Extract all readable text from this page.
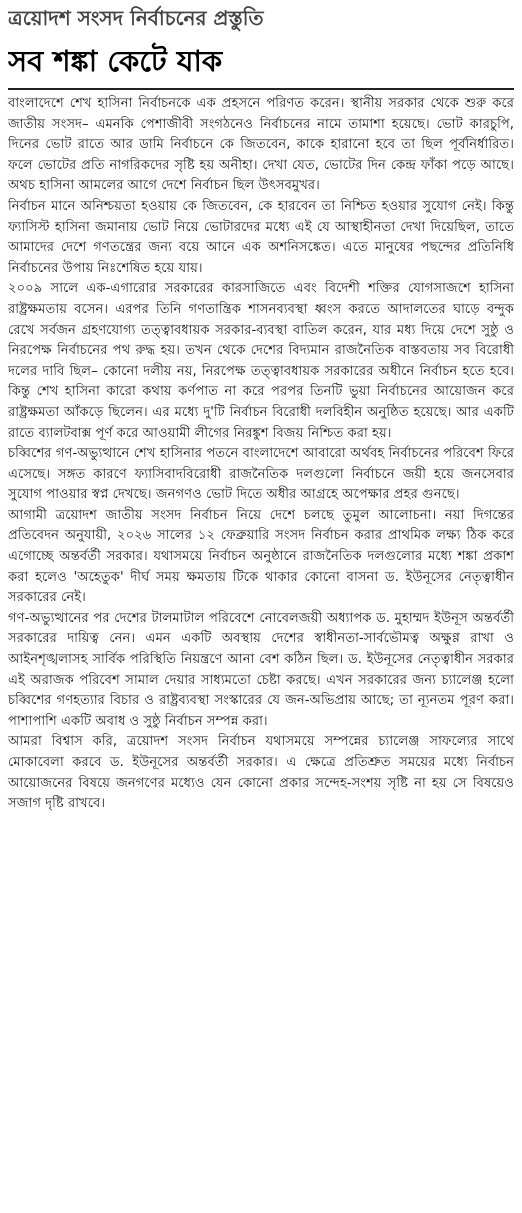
ত্রয়োদশ সংসদ নির্বাচনের প্রস্তুতি
সব শঙ্কা কেটে যাক

বাংলাদেশে শেখ হাসিনা নির্বাচনকে এক প্রহসনে পরিণত করেন। স্থানীয় সরকার থেকে শুরু করে জাতীয় সংসদ– এমনকি পেশাজীবী সংগঠনেও নির্বাচনের নামে তামাশা হয়েছে। ভোট কারচুপি, দিনের ভোট রাতে আর ডামি নির্বাচনে কে জিতবেন, কাকে হারানো হবে তা ছিল পূর্বনির্ধারিত। ফলে ভোটের প্রতি নাগরিকদের সৃষ্টি হয় অনীহা। দেখা যেত, ভোটের দিন কেন্দ্র ফাঁকা পড়ে আছে। অথচ হাসিনা আমলের আগে দেশে নির্বাচন ছিল উৎসবমুখর।

নির্বাচন মানে অনিশ্চয়তা হওয়ায় কে জিতবেন, কে হারবেন তা নিশ্চিত হওয়ার সুযোগ নেই। কিন্তু ফ্যাসিস্ট হাসিনা জমানায় ভোট নিয়ে ভোটারদের মধ্যে এই যে আস্থাহীনতা দেখা দিয়েছিল, তাতে আমাদের দেশে গণতন্ত্রের জন্য বয়ে আনে এক অশনিসঙ্কেত। এতে মানুষের পছন্দের প্রতিনিধি নির্বাচনের উপায় নিঃশেষিত হয়ে যায়।

২০০৯ সালে এক-এগারোর সরকারের কারসাজিতে এবং বিদেশী শক্তির যোগসাজশে হাসিনা রাষ্ট্রক্ষমতায় বসেন। এরপর তিনি গণতান্ত্রিক শাসনব্যবস্থা ধ্বংস করতে আদালতের ঘাড়ে বন্দুক রেখে সর্বজন গ্রহণযোগ্য তত্ত্বাবধায়ক সরকার-ব্যবস্থা বাতিল করেন, যার মধ্য দিয়ে দেশে সুষ্ঠু ও নিরপেক্ষ নির্বাচনের পথ রুদ্ধ হয়। তখন থেকে দেশের বিদ্যমান রাজনৈতিক বাস্তবতায় সব বিরোধী দলের দাবি ছিল– কোনো দলীয় নয়, নিরপেক্ষ তত্ত্বাবধায়ক সরকারের অধীনে নির্বাচন হতে হবে। কিন্তু শেখ হাসিনা কারো কথায় কর্ণপাত না করে পরপর তিনটি ভুয়া নির্বাচনের আয়োজন করে রাষ্ট্রক্ষমতা আঁকড়ে ছিলেন। এর মধ্যে দু'টি নির্বাচন বিরোধী দলবিহীন অনুষ্ঠিত হয়েছে। আর একটি রাতে ব্যালটবাক্স পূর্ণ করে আওয়ামী লীগের নিরঙ্কুশ বিজয় নিশ্চিত করা হয়।

চব্বিশের গণ-অভ্যুত্থানে শেখ হাসিনার পতনে বাংলাদেশে আবারো অর্থবহ নির্বাচনের পরিবেশ ফিরে এসেছে। সঙ্গত কারণে ফ্যাসিবাদবিরোধী রাজনৈতিক দলগুলো নির্বাচনে জয়ী হয়ে জনসেবার সুযোগ পাওয়ার স্বপ্ন দেখছে। জনগণও ভোট দিতে অধীর আগ্রহে অপেক্ষার প্রহর গুনছে।

আগামী ত্রয়োদশ জাতীয় সংসদ নির্বাচন নিয়ে দেশে চলছে তুমুল আলোচনা। নয়া দিগন্তের প্রতিবেদন অনুযায়ী, ২০২৬ সালের ১২ ফেব্রুয়ারি সংসদ নির্বাচন করার প্রাথমিক লক্ষ্য ঠিক করে এগোচ্ছে অন্তর্বর্তী সরকার। যথাসময়ে নির্বাচন অনুষ্ঠানে রাজনৈতিক দলগুলোর মধ্যে শঙ্কা প্রকাশ করা হলেও 'অহেতুক' দীর্ঘ সময় ক্ষমতায় টিকে থাকার কোনো বাসনা ড. ইউনূসের নেতৃত্বাধীন সরকারের নেই।

গণ-অভ্যুত্থানের পর দেশের টালমাটাল পরিবেশে নোবেলজয়ী অধ্যাপক ড. মুহাম্মদ ইউনূস অন্তর্বর্তী সরকারের দায়িত্ব নেন। এমন একটি অবস্থায় দেশের স্বাধীনতা-সার্বভৌমত্ব অক্ষুণ্ণ রাখা ও আইনশৃঙ্খলাসহ সার্বিক পরিস্থিতি নিয়ন্ত্রণে আনা বেশ কঠিন ছিল। ড. ইউনূসের নেতৃত্বাধীন সরকার এই অরাজক পরিবেশ সামাল দেয়ার সাধ্যমতো চেষ্টা করছে। এখন সরকারের জন্য চ্যালেঞ্জ হলো চব্বিশের গণহত্যার বিচার ও রাষ্ট্রব্যবস্থা সংস্কারের যে জন-অভিপ্রায় আছে; তা ন্যূনতম পূরণ করা। পাশাপাশি একটি অবাধ ও সুষ্ঠু নির্বাচন সম্পন্ন করা।

আমরা বিশ্বাস করি, ত্রয়োদশ সংসদ নির্বাচন যথাসময়ে সম্পন্নের চ্যালেঞ্জ সাফল্যের সাথে মোকাবেলা করবে ড. ইউনূসের অন্তর্বর্তী সরকার। এ ক্ষেত্রে প্রতিশ্রুত সময়ের মধ্যে নির্বাচন আয়োজনের বিষয়ে জনগণের মধ্যেও যেন কোনো প্রকার সন্দেহ-সংশয় সৃষ্টি না হয় সে বিষয়েও সজাগ দৃষ্টি রাখবে।
